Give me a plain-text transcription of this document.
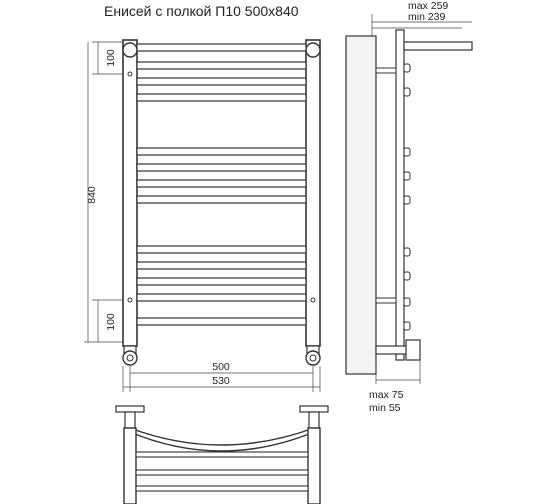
Енисей с полкой П10 500х840
100
840
100
500
530
max 259
min 239
max 75
min 55
